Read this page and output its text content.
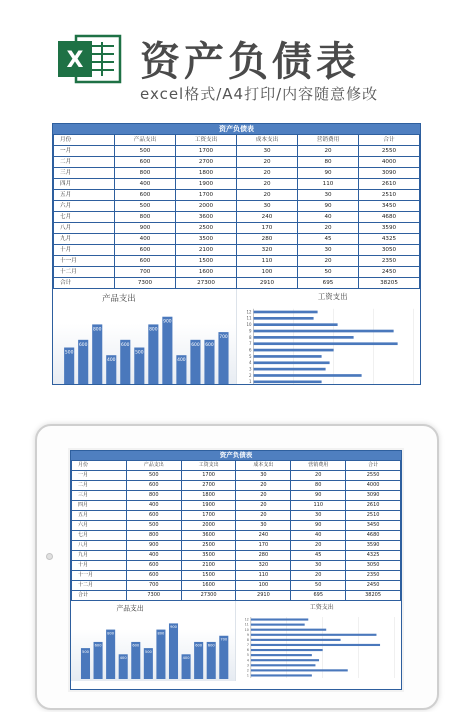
X 资产负债表
excel格式/A4打印/内容随意修改
资产负债表
月份	产品支出	工资支出	成本支出	营销费用	合计
一月	500	1700	30	20	2550
二月	600	2700	20	80	4000
三月	800	1800	20	90	3090
四月	400	1900	20	110	2610
五月	600	1700	20	30	2510
六月	500	2000	30	90	3450
七月	800	3600	240	40	4680
八月	900	2500	170	20	3590
九月	400	3500	280	45	4325
十月	600	2100	320	30	3050
十一月	600	1500	110	20	2350
十二月	700	1600	100	50	2450
合计	7300	27300	2910	695	38205
产品支出
500
600
800
400
600
500
800
900
400
600 600
700
工资支出
1
2
3
4
5
6
7
8
9
10
11
12
资产负债表
月份	产品支出	工资支出	成本支出	营销费用	合计
一月	500	1700	30	20	2550
二月	600	2700	20	80	4000
三月	800	1800	20	90	3090
四月	400	1900	20	110	2610
五月	600	1700	20	30	2510
六月	500	2000	30	90	3450
七月	800	3600	240	40	4680
八月	900	2500	170	20	3590
九月	400	3500	280	45	4325
十月	600	2100	320	30	3050
十一月	600	1500	110	20	2350
十二月	700	1600	100	50	2450
合计	7300	27300	2910	695	38205
产品支出
500
600
800
400
600
500
800
900
400
600 600
700
工资支出
1
2
3
4
5
6
7
8
9
10
11
12
